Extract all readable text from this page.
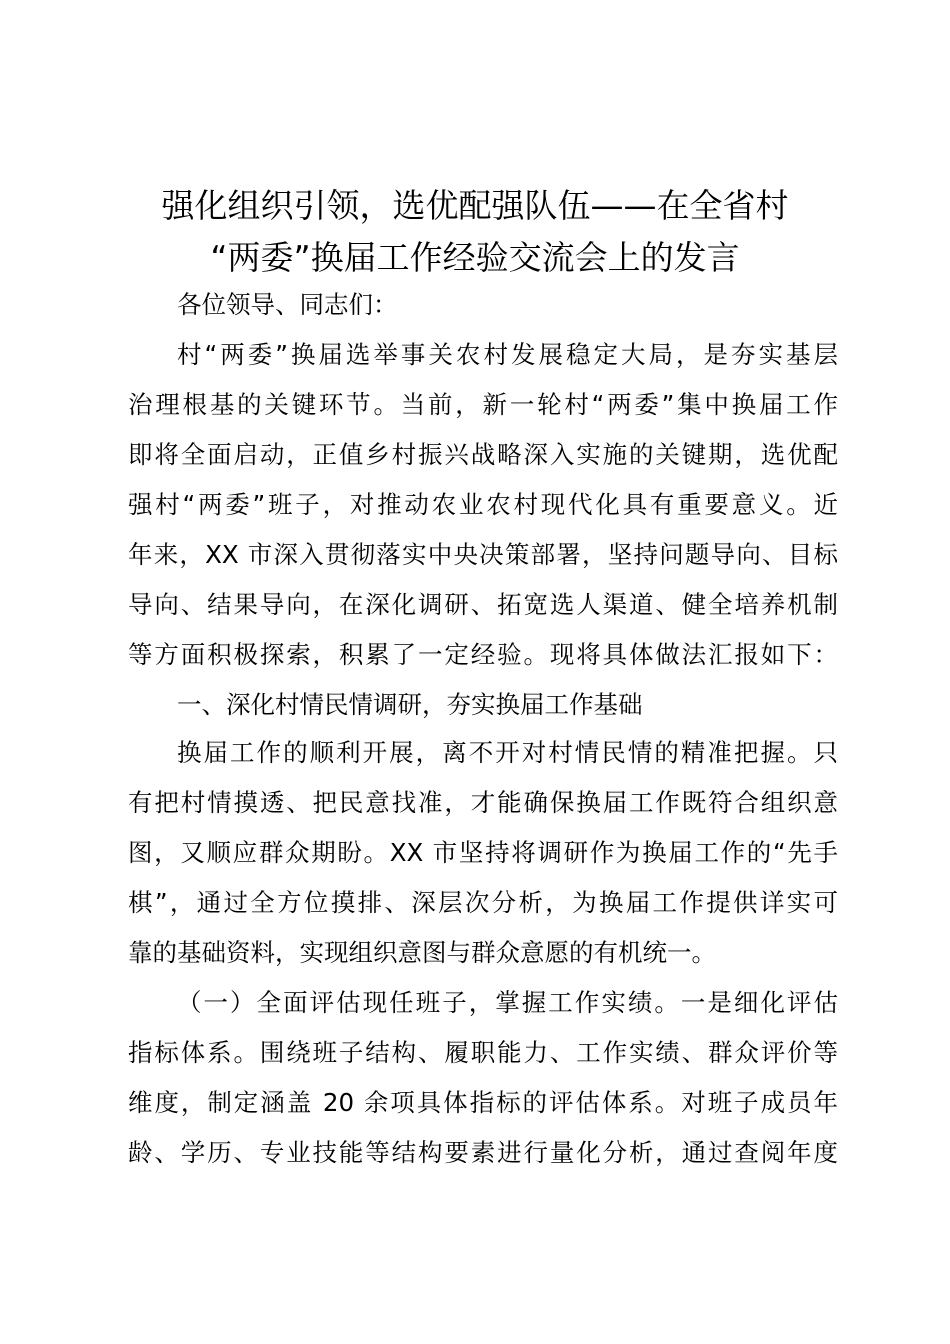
强化组织引领，选优配强队伍——在全省村
“两委”换届工作经验交流会上的发言
各位领导、同志们：
村“两委”换届选举事关农村发展稳定大局，是夯实基层
治理根基的关键环节。当前，新一轮村“两委”集中换届工作
即将全面启动，正值乡村振兴战略深入实施的关键期，选优配
强村“两委”班子，对推动农业农村现代化具有重要意义。近
年来，XX 市深入贯彻落实中央决策部署，坚持问题导向、目标
导向、结果导向，在深化调研、拓宽选人渠道、健全培养机制
等方面积极探索，积累了一定经验。现将具体做法汇报如下：
一、深化村情民情调研，夯实换届工作基础
换届工作的顺利开展，离不开对村情民情的精准把握。只
有把村情摸透、把民意找准，才能确保换届工作既符合组织意
图，又顺应群众期盼。XX 市坚持将调研作为换届工作的“先手
棋”，通过全方位摸排、深层次分析，为换届工作提供详实可
靠的基础资料，实现组织意图与群众意愿的有机统一。
（一）全面评估现任班子，掌握工作实绩。一是细化评估
指标体系。围绕班子结构、履职能力、工作实绩、群众评价等
维度，制定涵盖 20 余项具体指标的评估体系。对班子成员年
龄、学历、专业技能等结构要素进行量化分析，通过查阅年度
